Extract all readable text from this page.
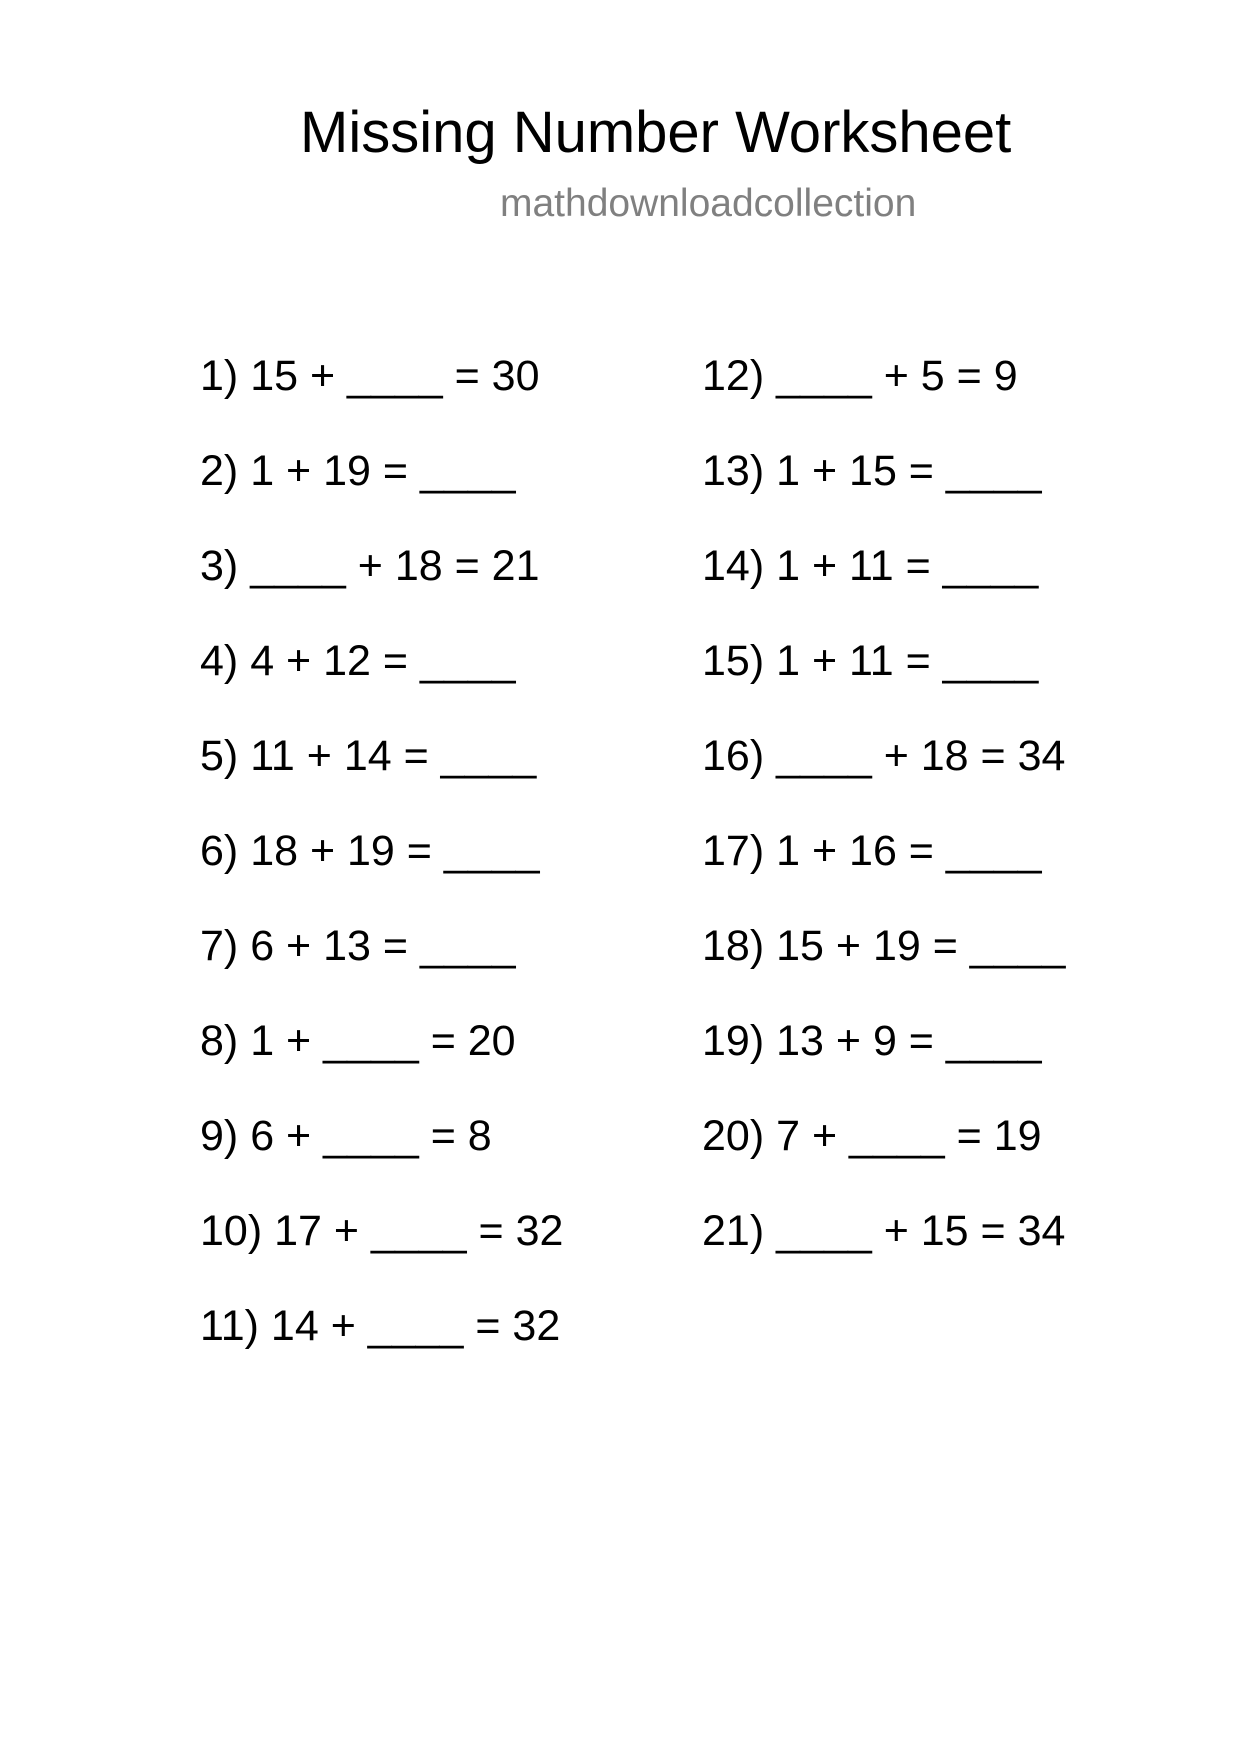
Missing Number Worksheet
mathdownloadcollection
1) 15 + ____ = 30
2) 1 + 19 = ____
3) ____ + 18 = 21
4) 4 + 12 = ____
5) 11 + 14 = ____
6) 18 + 19 = ____
7) 6 + 13 = ____
8) 1 + ____ = 20
9) 6 + ____ = 8
10) 17 + ____ = 32
11) 14 + ____ = 32
12) ____ + 5 = 9
13) 1 + 15 = ____
14) 1 + 11 = ____
15) 1 + 11 = ____
16) ____ + 18 = 34
17) 1 + 16 = ____
18) 15 + 19 = ____
19) 13 + 9 = ____
20) 7 + ____ = 19
21) ____ + 15 = 34
